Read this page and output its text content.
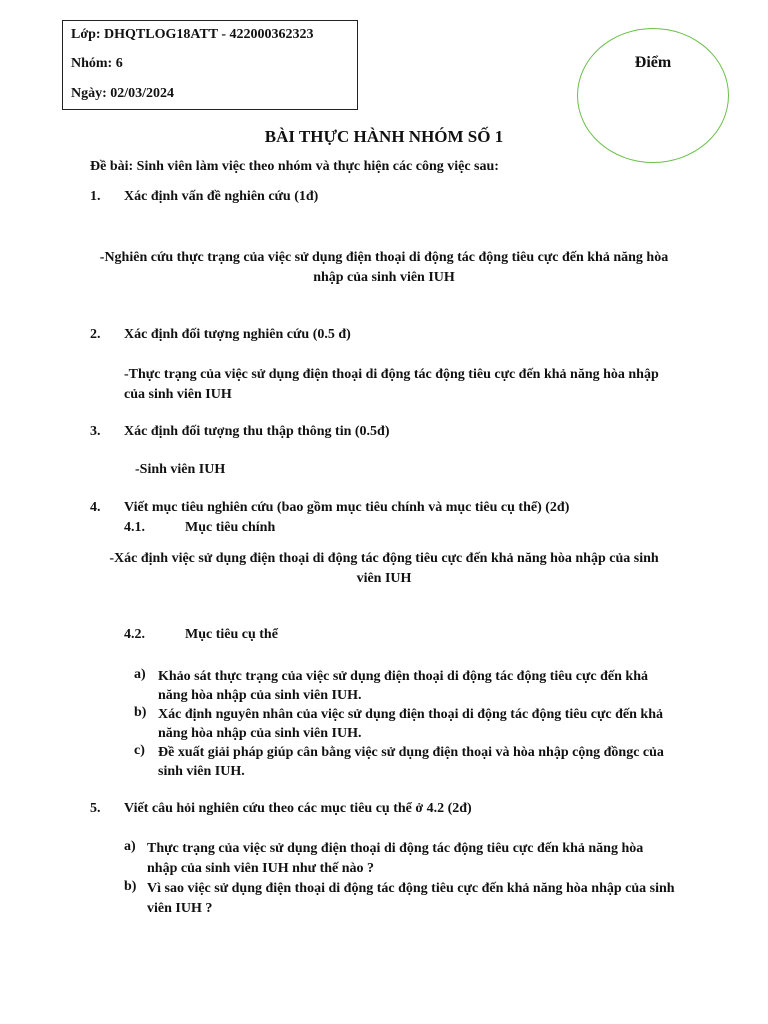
Lớp: DHQTLOG18ATT - 422000362323

Nhóm: 6

Ngày: 02/03/2024

Điểm

BÀI THỰC HÀNH NHÓM SỐ 1

Đề bài: Sinh viên làm việc theo nhóm và thực hiện các công việc sau:

1. Xác định vấn đề nghiên cứu (1đ)

-Nghiên cứu thực trạng của việc sử dụng điện thoại di động tác động tiêu cực đến khả năng hòa nhập của sinh viên IUH

2. Xác định đối tượng nghiên cứu (0.5 đ)

-Thực trạng của việc sử dụng điện thoại di động tác động tiêu cực đến khả năng hòa nhập của sinh viên IUH

3. Xác định đối tượng thu thập thông tin (0.5đ)

-Sinh viên IUH

4. Viết mục tiêu nghiên cứu (bao gồm mục tiêu chính và mục tiêu cụ thể) (2đ)

4.1.	Mục tiêu chính

-Xác định việc sử dụng điện thoại di động tác động tiêu cực đến khả năng hòa nhập của sinh viên IUH

4.2.	Mục tiêu cụ thể

a) Khảo sát thực trạng của việc sử dụng điện thoại di động tác động tiêu cực đến khả năng hòa nhập của sinh viên IUH.

b) Xác định nguyên nhân của việc sử dụng điện thoại di động tác động tiêu cực đến khả năng hòa nhập của sinh viên IUH.

c) Đề xuất giải pháp giúp cân bằng việc sử dụng điện thoại và hòa nhập cộng đồngc của sinh viên IUH.

5. Viết câu hỏi nghiên cứu theo các mục tiêu cụ thể ở 4.2 (2đ)

a) Thực trạng của việc sử dụng điện thoại di động tác động tiêu cực đến khả năng hòa nhập của sinh viên IUH như thế nào ?

b) Vì sao việc sử dụng điện thoại di động tác động tiêu cực đến khả năng hòa nhập của sinh viên IUH ?
